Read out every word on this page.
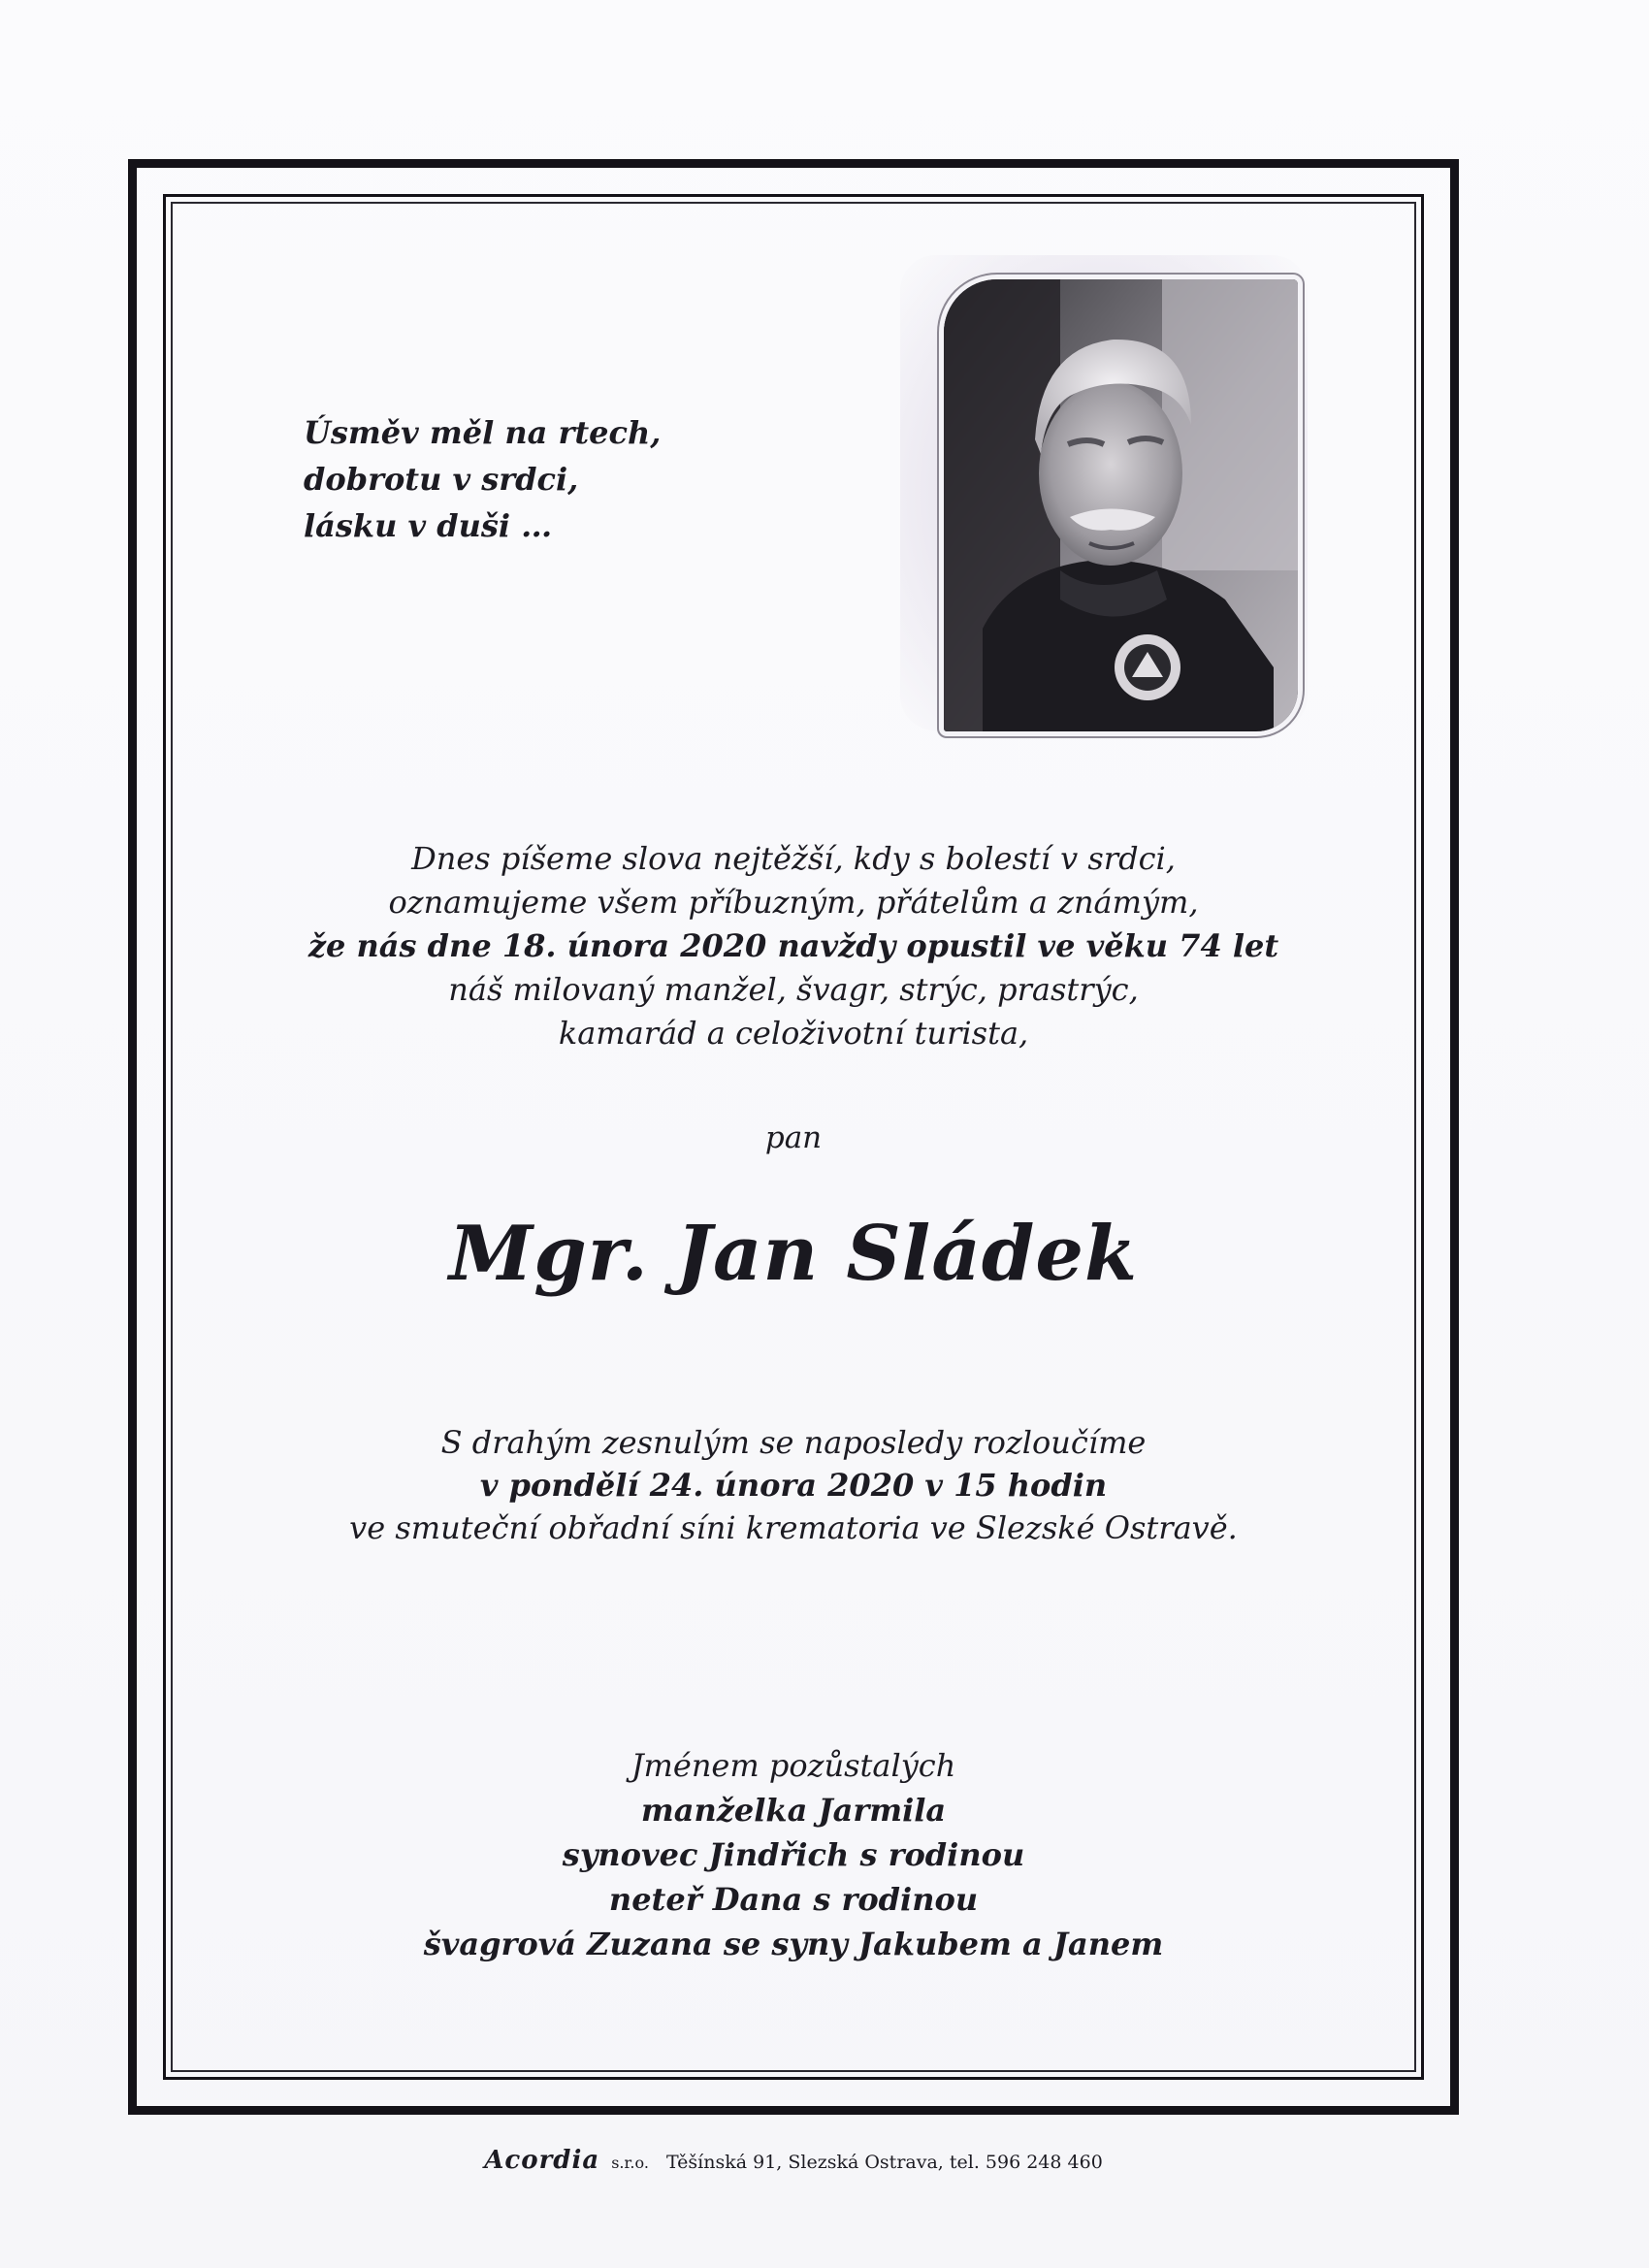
Úsměv měl na rtech,
dobrotu v srdci,
lásku v duši …
Dnes píšeme slova nejtěžší, kdy s bolestí v srdci,
oznamujeme všem příbuzným, přátelům a známým,
že nás dne 18. února 2020 navždy opustil ve věku 74 let
náš milovaný manžel, švagr, strýc, prastrýc,
kamarád a celoživotní turista,
pan
Mgr. Jan Sládek
S drahým zesnulým se naposledy rozloučíme
v pondělí 24. února 2020 v 15 hodin
ve smuteční obřadní síni krematoria ve Slezské Ostravě.
Jménem pozůstalých
manželka Jarmila
synovec Jindřich s rodinou
neteř Dana s rodinou
švagrová Zuzana se syny Jakubem a Janem
Acordia s.r.o. Těšínská 91, Slezská Ostrava, tel. 596 248 460
